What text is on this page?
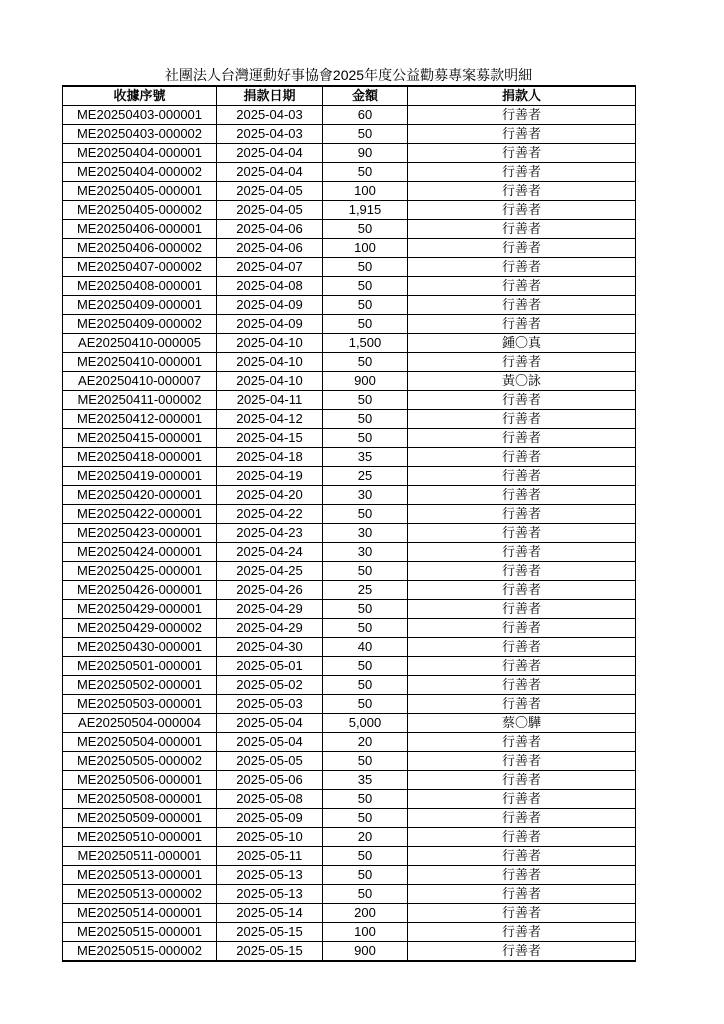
社團法人台灣運動好事協會2025年度公益勸募專案募款明細
收據序號	捐款日期	金額	捐款人
ME20250403-000001	2025-04-03	60	行善者
ME20250403-000002	2025-04-03	50	行善者
ME20250404-000001	2025-04-04	90	行善者
ME20250404-000002	2025-04-04	50	行善者
ME20250405-000001	2025-04-05	100	行善者
ME20250405-000002	2025-04-05	1,915	行善者
ME20250406-000001	2025-04-06	50	行善者
ME20250406-000002	2025-04-06	100	行善者
ME20250407-000002	2025-04-07	50	行善者
ME20250408-000001	2025-04-08	50	行善者
ME20250409-000001	2025-04-09	50	行善者
ME20250409-000002	2025-04-09	50	行善者
AE20250410-000005	2025-04-10	1,500	鍾〇真
ME20250410-000001	2025-04-10	50	行善者
AE20250410-000007	2025-04-10	900	黃〇詠
ME20250411-000002	2025-04-11	50	行善者
ME20250412-000001	2025-04-12	50	行善者
ME20250415-000001	2025-04-15	50	行善者
ME20250418-000001	2025-04-18	35	行善者
ME20250419-000001	2025-04-19	25	行善者
ME20250420-000001	2025-04-20	30	行善者
ME20250422-000001	2025-04-22	50	行善者
ME20250423-000001	2025-04-23	30	行善者
ME20250424-000001	2025-04-24	30	行善者
ME20250425-000001	2025-04-25	50	行善者
ME20250426-000001	2025-04-26	25	行善者
ME20250429-000001	2025-04-29	50	行善者
ME20250429-000002	2025-04-29	50	行善者
ME20250430-000001	2025-04-30	40	行善者
ME20250501-000001	2025-05-01	50	行善者
ME20250502-000001	2025-05-02	50	行善者
ME20250503-000001	2025-05-03	50	行善者
AE20250504-000004	2025-05-04	5,000	蔡〇驊
ME20250504-000001	2025-05-04	20	行善者
ME20250505-000002	2025-05-05	50	行善者
ME20250506-000001	2025-05-06	35	行善者
ME20250508-000001	2025-05-08	50	行善者
ME20250509-000001	2025-05-09	50	行善者
ME20250510-000001	2025-05-10	20	行善者
ME20250511-000001	2025-05-11	50	行善者
ME20250513-000001	2025-05-13	50	行善者
ME20250513-000002	2025-05-13	50	行善者
ME20250514-000001	2025-05-14	200	行善者
ME20250515-000001	2025-05-15	100	行善者
ME20250515-000002	2025-05-15	900	行善者
